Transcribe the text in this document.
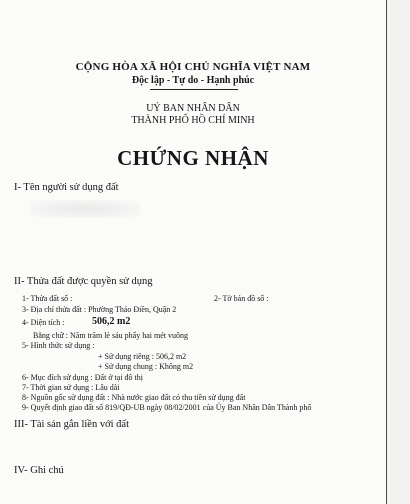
CỘNG HÒA XÃ HỘI CHỦ NGHĨA VIỆT NAM
Độc lập - Tự do - Hạnh phúc
UỶ BAN NHÂN DÂN
THÀNH PHỐ HỒ CHÍ MINH
CHỨNG NHẬN
I- Tên người sử dụng đất
II- Thửa đất được quyền sử dụng
1- Thửa đất số :	2- Tờ bản đồ số :
3- Địa chỉ thửa đất : Phường Thảo Điền, Quận 2
4- Diện tích :	506,2 m2
Bằng chữ : Năm trăm lẻ sáu phẩy hai mét vuông
5- Hình thức sử dụng :
+ Sử dụng riêng : 506,2 m2
+ Sử dụng chung : Không m2
6- Mục đích sử dụng : Đất ở tại đô thị
7- Thời gian sử dụng : Lâu dài
8- Nguồn gốc sử dụng đất : Nhà nước giao đất có thu tiền sử dụng đất
9- Quyết định giao đất số 819/QĐ-UB ngày 08/02/2001 của Ủy Ban Nhân Dân Thành phố
III- Tài sản gắn liền với đất
IV- Ghi chú
